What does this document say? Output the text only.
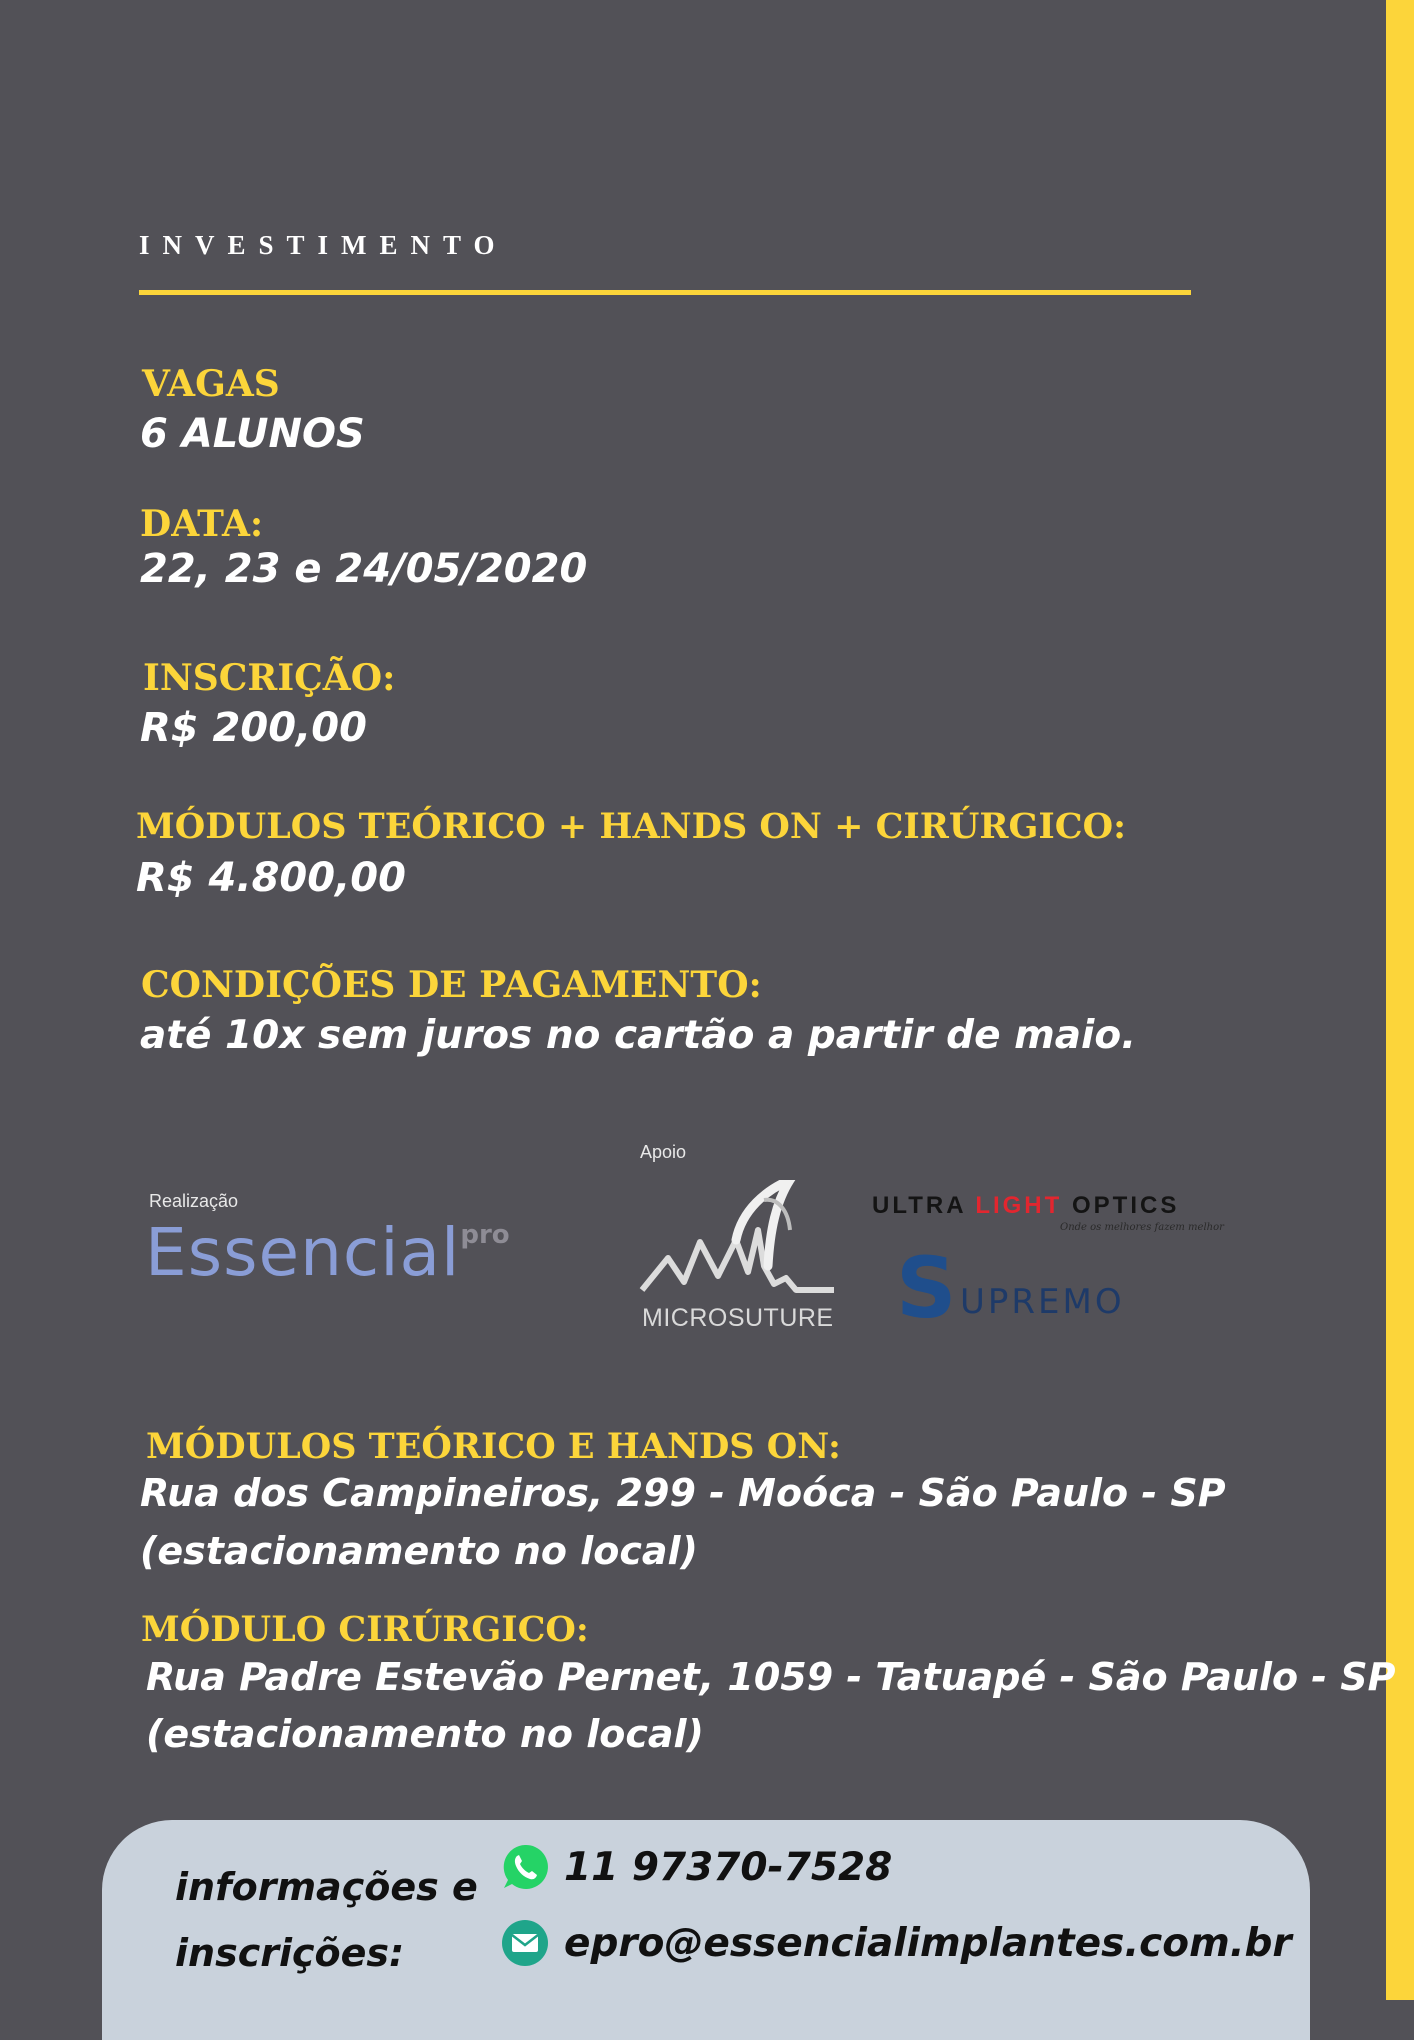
INVESTIMENTO
VAGAS
6 ALUNOS
DATA:
22, 23 e 24/05/2020
INSCRIÇÃO:
R$ 200,00
MÓDULOS TEÓRICO + HANDS ON + CIRÚRGICO:
R$ 4.800,00
CONDIÇÕES DE PAGAMENTO:
até 10x sem juros no cartão a partir de maio.
Realização
Apoio
Essencialpro
MICROSUTURE
ULTRA LIGHT OPTICS
Onde os melhores fazem melhor
S UPREMO
MÓDULOS TEÓRICO E HANDS ON:
Rua dos Campineiros, 299 - Moóca - São Paulo - SP
(estacionamento no local)
MÓDULO CIRÚRGICO:
Rua Padre Estevão Pernet, 1059 - Tatuapé - São Paulo - SP
(estacionamento no local)
informações e
inscrições:
11 97370-7528
epro@essencialimplantes.com.br
